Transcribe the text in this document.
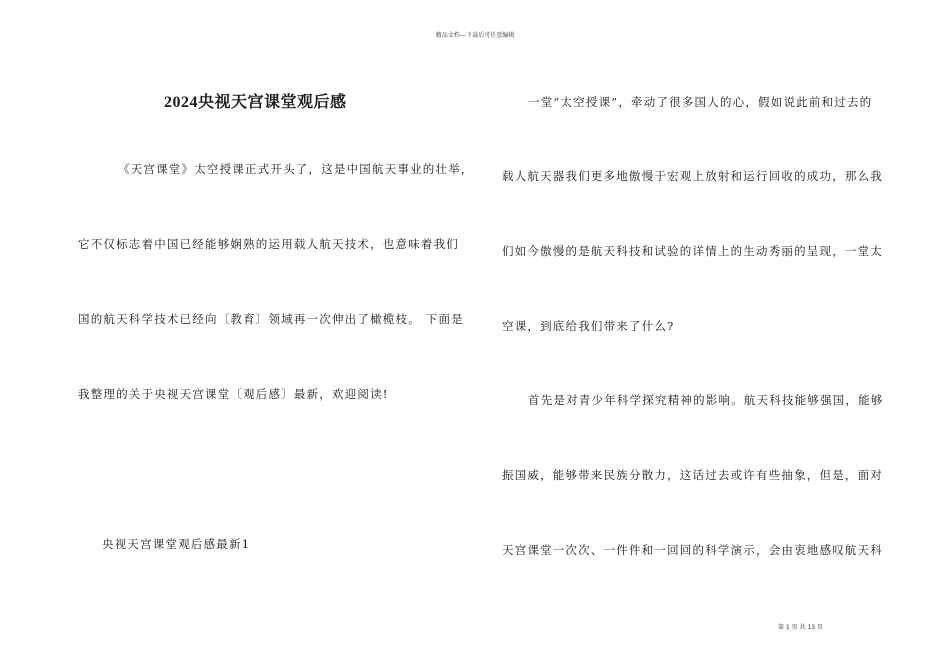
精品文档---下载后可任意编辑
2024央视天宫课堂观后感
《天宫课堂》太空授课正式开头了，这是中国航天事业的壮举，
它不仅标志着中国已经能够娴熟的运用载人航天技术，也意味着我们
国的航天科学技术已经向〔教育〕领域再一次伸出了橄榄枝。 下面是
我整理的关于央视天宫课堂〔观后感〕最新，欢迎阅读!
央视天宫课堂观后感最新1
一堂“太空授课”，牵动了很多国人的心，假如说此前和过去的
载人航天器我们更多地傲慢于宏观上放射和运行回收的成功，那么我
们如今傲慢的是航天科技和试验的详情上的生动秀丽的呈现，一堂太
空课，到底给我们带来了什么?
首先是对青少年科学探究精神的影响。航天科技能够强国，能够
振国威，能够带来民族分散力，这话过去或许有些抽象，但是，面对
天宫课堂一次次、一件件和一回回的科学演示，会由衷地感叹航天科
第 1 页 共 13 页
